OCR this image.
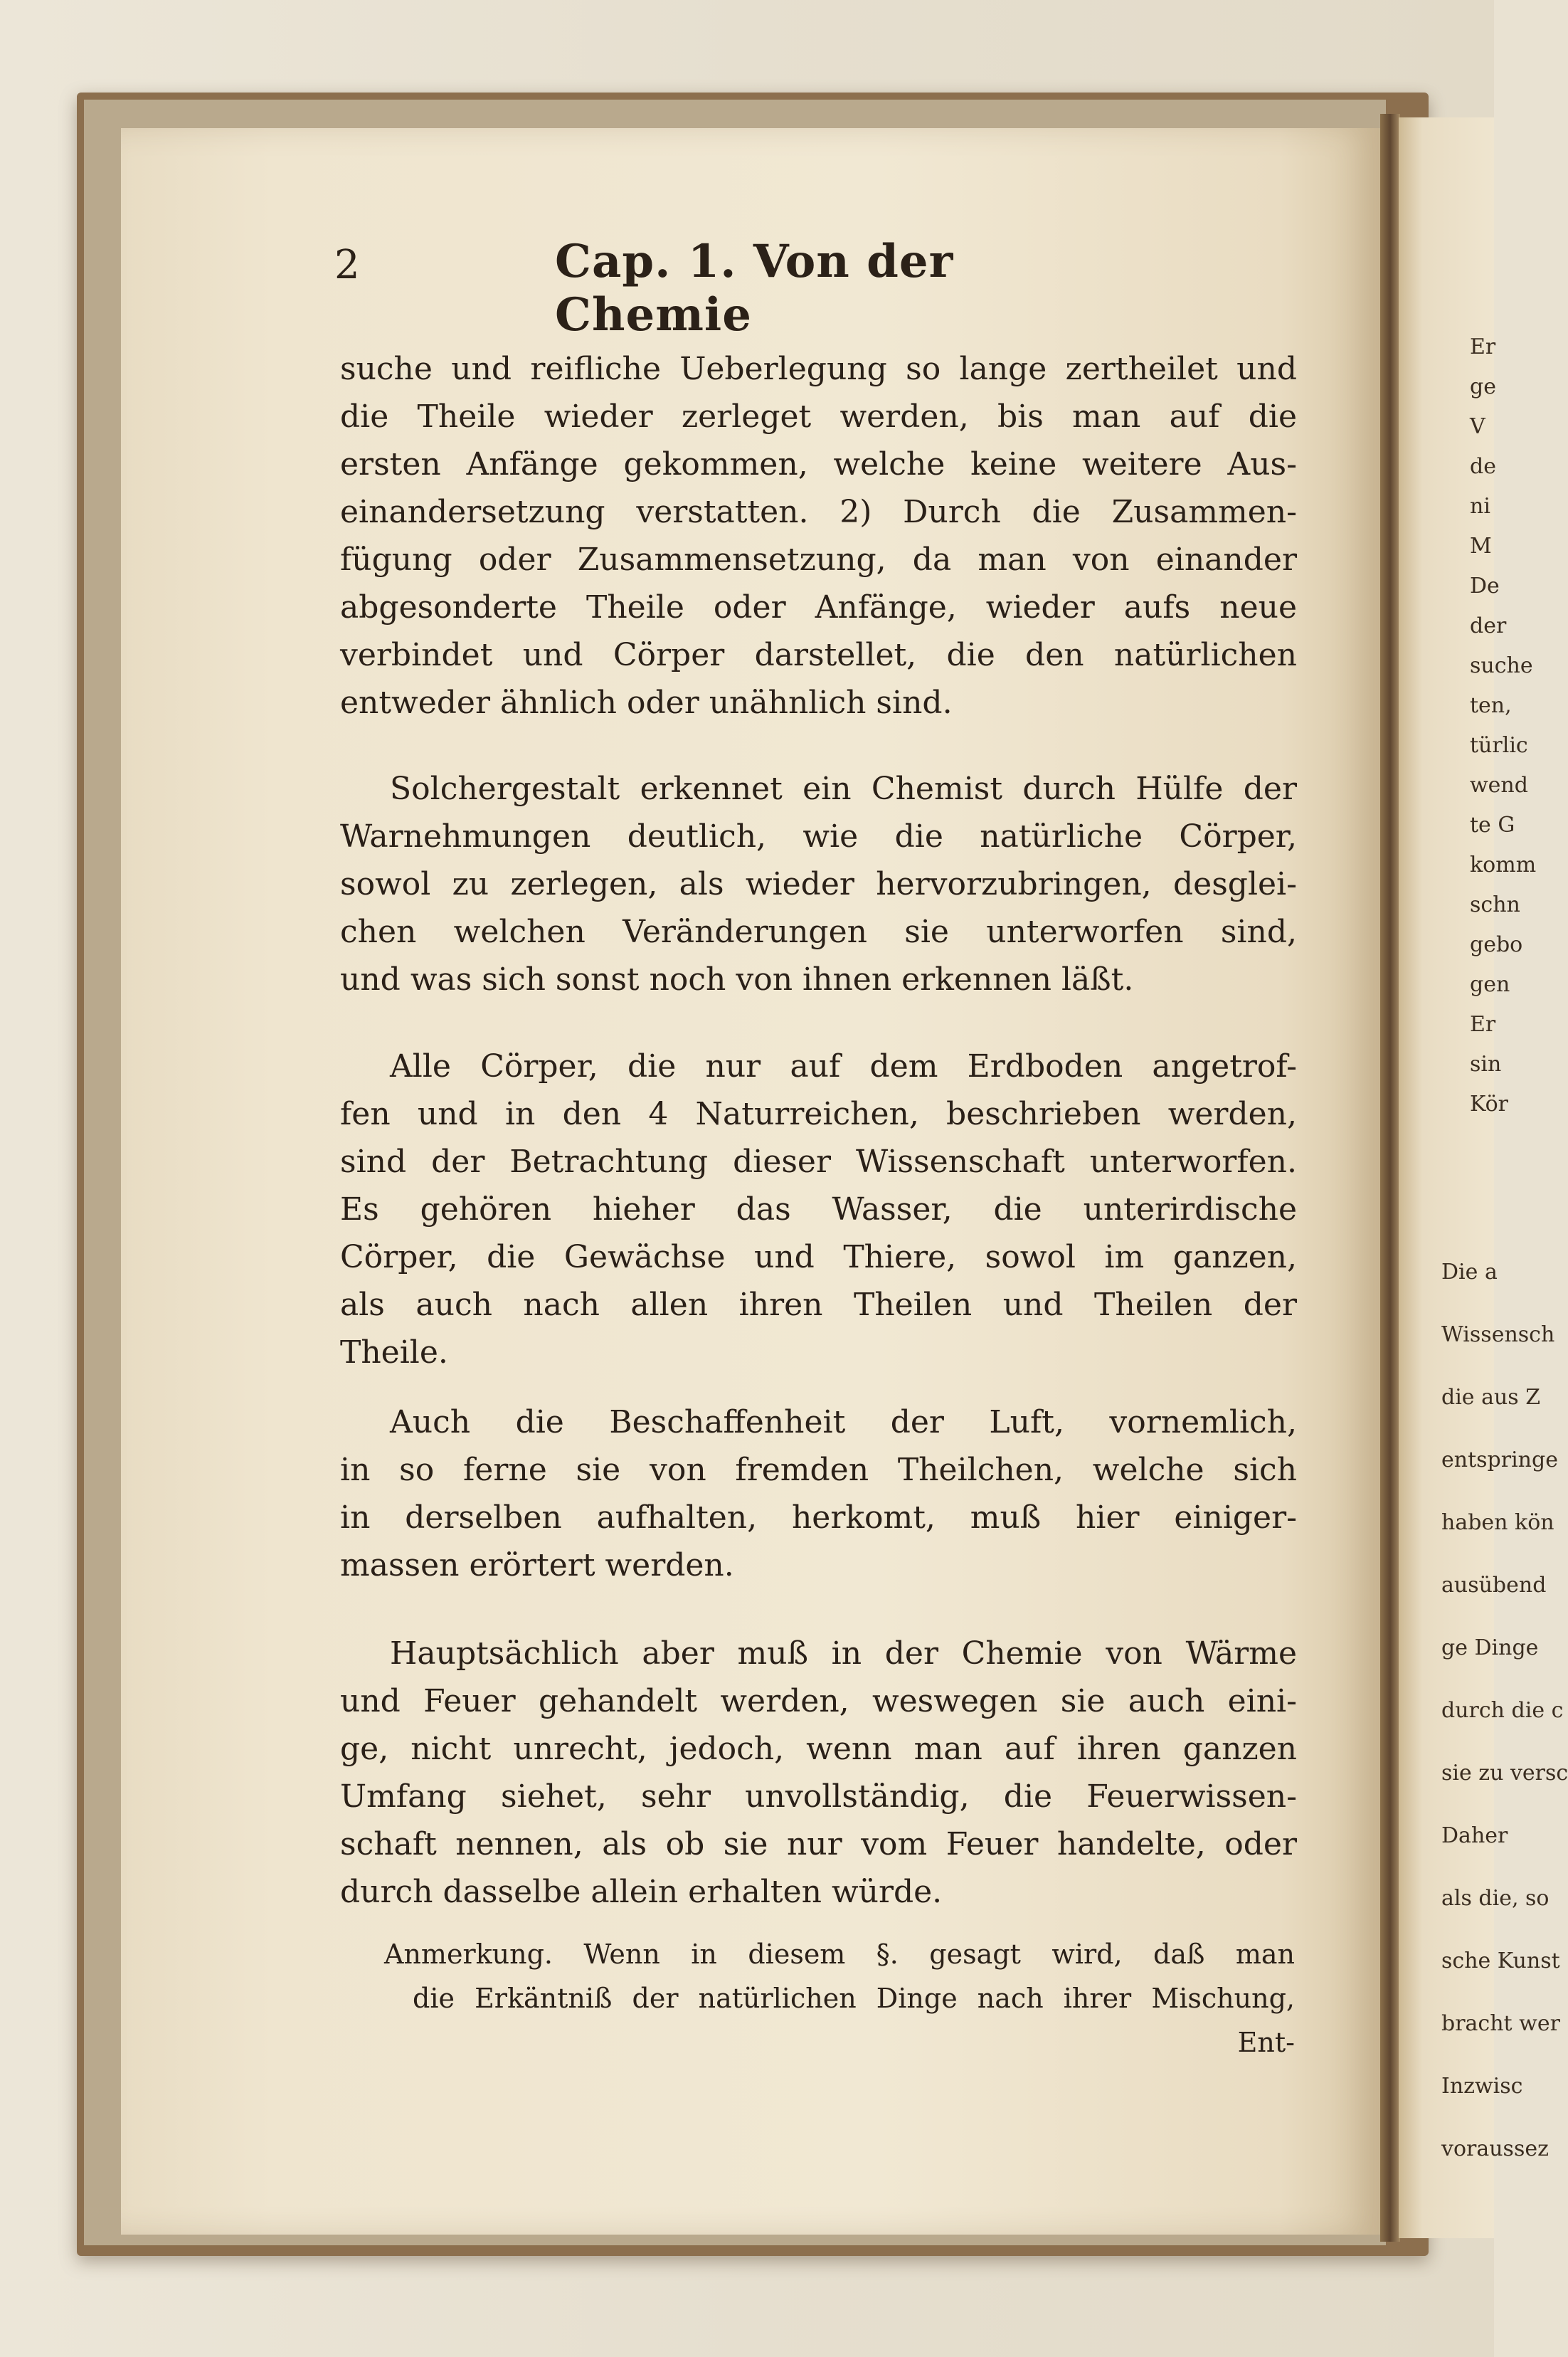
2	Cap. 1. Von der Chemie
suche und reifliche Ueberlegung so lange zertheilet und
die Theile wieder zerleget werden, bis man auf die
ersten Anfänge gekommen, welche keine weitere Aus-
einandersetzung verstatten. 2) Durch die Zusammen-
fügung oder Zusammensetzung, da man von einander
abgesonderte Theile oder Anfänge, wieder aufs neue
verbindet und Cörper darstellet, die den natürlichen
entweder ähnlich oder unähnlich sind.
Solchergestalt erkennet ein Chemist durch Hülfe der
Warnehmungen deutlich, wie die natürliche Cörper,
sowol zu zerlegen, als wieder hervorzubringen, desglei-
chen welchen Veränderungen sie unterworfen sind,
und was sich sonst noch von ihnen erkennen läßt.
Alle Cörper, die nur auf dem Erdboden angetrof-
fen und in den 4 Naturreichen, beschrieben werden,
sind der Betrachtung dieser Wissenschaft unterworfen.
Es gehören hieher das Wasser, die unterirdische
Cörper, die Gewächse und Thiere, sowol im ganzen,
als auch nach allen ihren Theilen und Theilen der
Theile.
Auch die Beschaffenheit der Luft, vornemlich,
in so ferne sie von fremden Theilchen, welche sich
in derselben aufhalten, herkomt, muß hier einiger-
massen erörtert werden.
Hauptsächlich aber muß in der Chemie von Wärme
und Feuer gehandelt werden, weswegen sie auch eini-
ge, nicht unrecht, jedoch, wenn man auf ihren ganzen
Umfang siehet, sehr unvollständig, die Feuerwissen-
schaft nennen, als ob sie nur vom Feuer handelte, oder
durch dasselbe allein erhalten würde.
Anmerkung. Wenn in diesem §. gesagt wird, daß man
die Erkäntniß der natürlichen Dinge nach ihrer Mischung,
Ent-
Er
ge
V
de
ni
M
De
der
suche
ten,
türlic
wend
te G
komm
schn
gebo
gen
Er
sin
Kör
Die a
Wissensch
die aus Z
entspringe
haben kön
ausübend
ge Dinge
durch die c
sie zu versc
Daher
als die, so
sche Kunst
bracht wer
Inzwisc
voraussez
